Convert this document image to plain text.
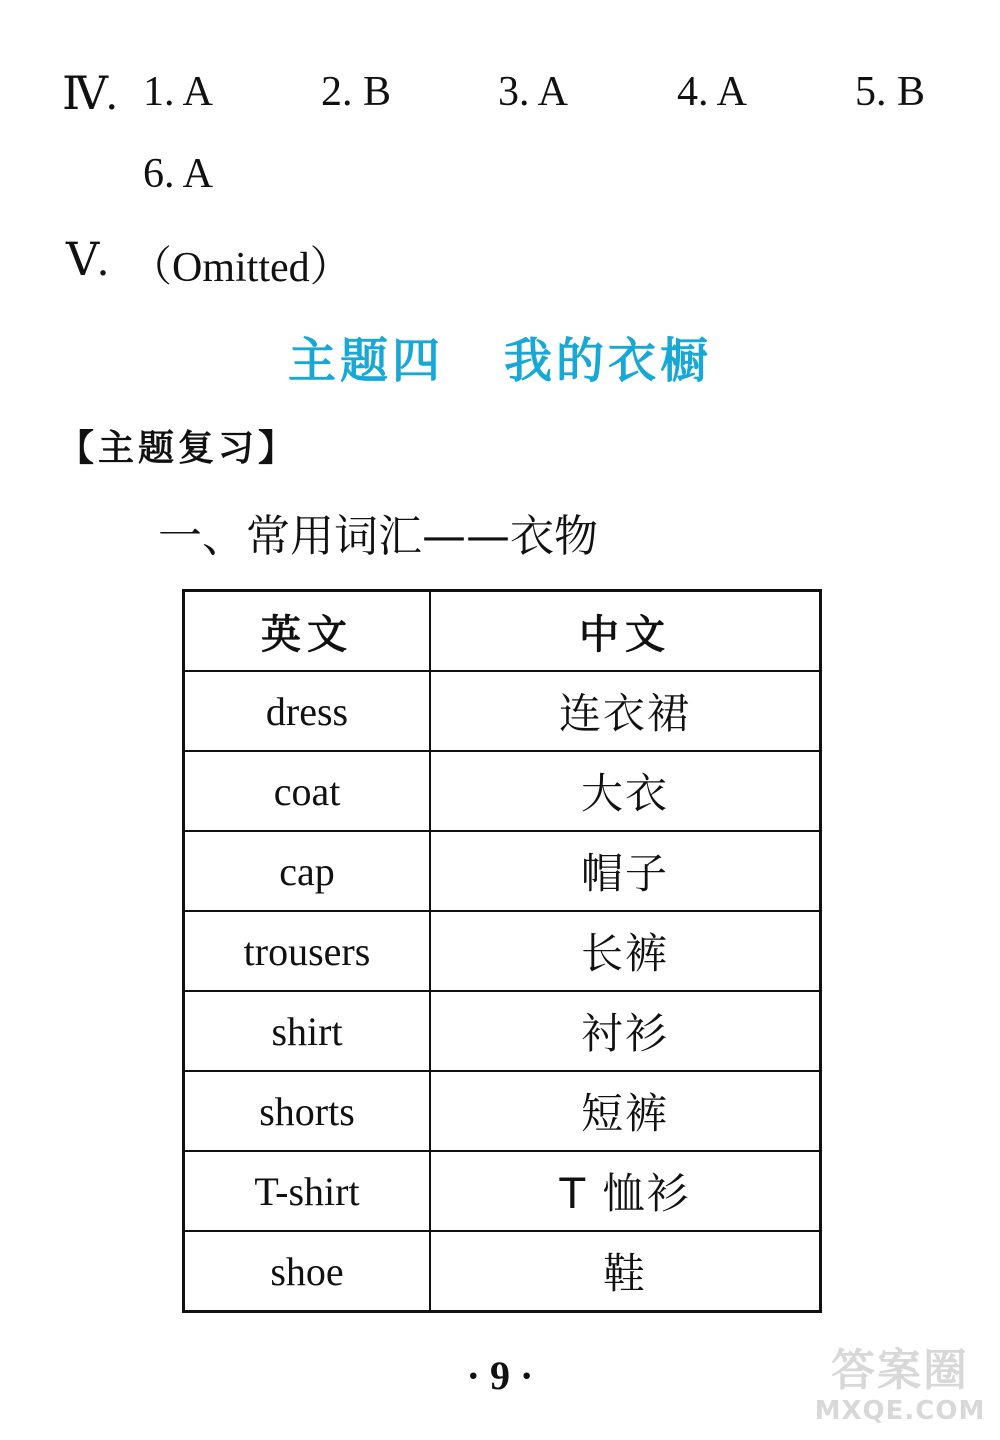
Ⅳ. 1. A	2. B	3. A	4. A	5. B
6. A
Ⅴ. （Omitted）
主题四 我的衣橱
【主题复习】
一、常用词汇——衣物
英文	中文
dress	连衣裙
coat	大衣
cap	帽子
trousers	长裤
shirt	衬衫
shorts	短裤
T-shirt	T 恤衫
shoe	鞋
· 9 ·	答案圈
MXQE.COM
